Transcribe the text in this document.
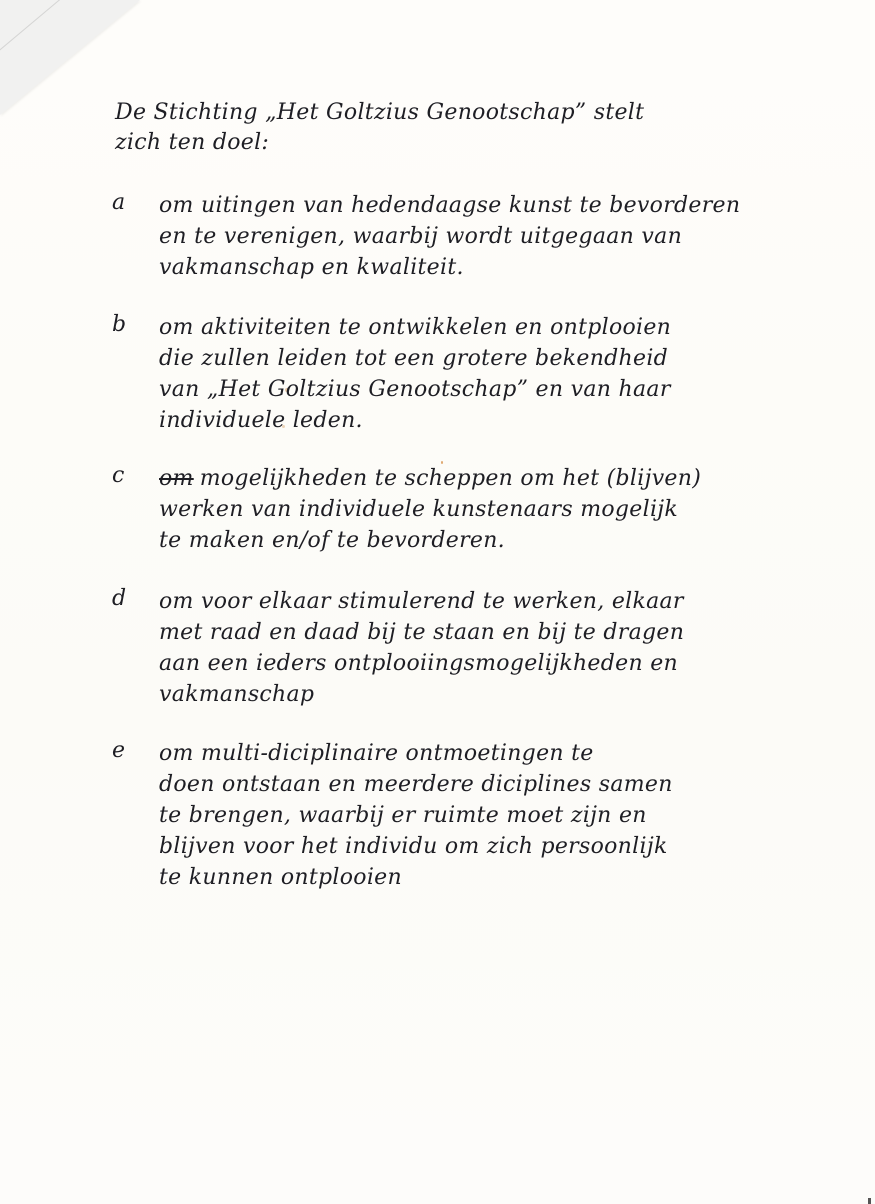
De Stichting „Het Goltzius Genootschap” stelt
zich ten doel:
a	om uitingen van hedendaagse kunst te bevorderen
en te verenigen, waarbij wordt uitgegaan van
vakmanschap en kwaliteit.
b	om aktiviteiten te ontwikkelen en ontplooien
die zullen leiden tot een grotere bekendheid
van „Het Goltzius Genootschap” en van haar
individuele leden.
c	om mogelijkheden te scheppen om het (blijven)
werken van individuele kunstenaars mogelijk
te maken en/of te bevorderen.
d	om voor elkaar stimulerend te werken, elkaar
met raad en daad bij te staan en bij te dragen
aan een ieders ontplooiingsmogelijkheden en
vakmanschap
e	om multi-diciplinaire ontmoetingen te
doen ontstaan en meerdere diciplines samen
te brengen, waarbij er ruimte moet zijn en
blijven voor het individu om zich persoonlijk
te kunnen ontplooien
